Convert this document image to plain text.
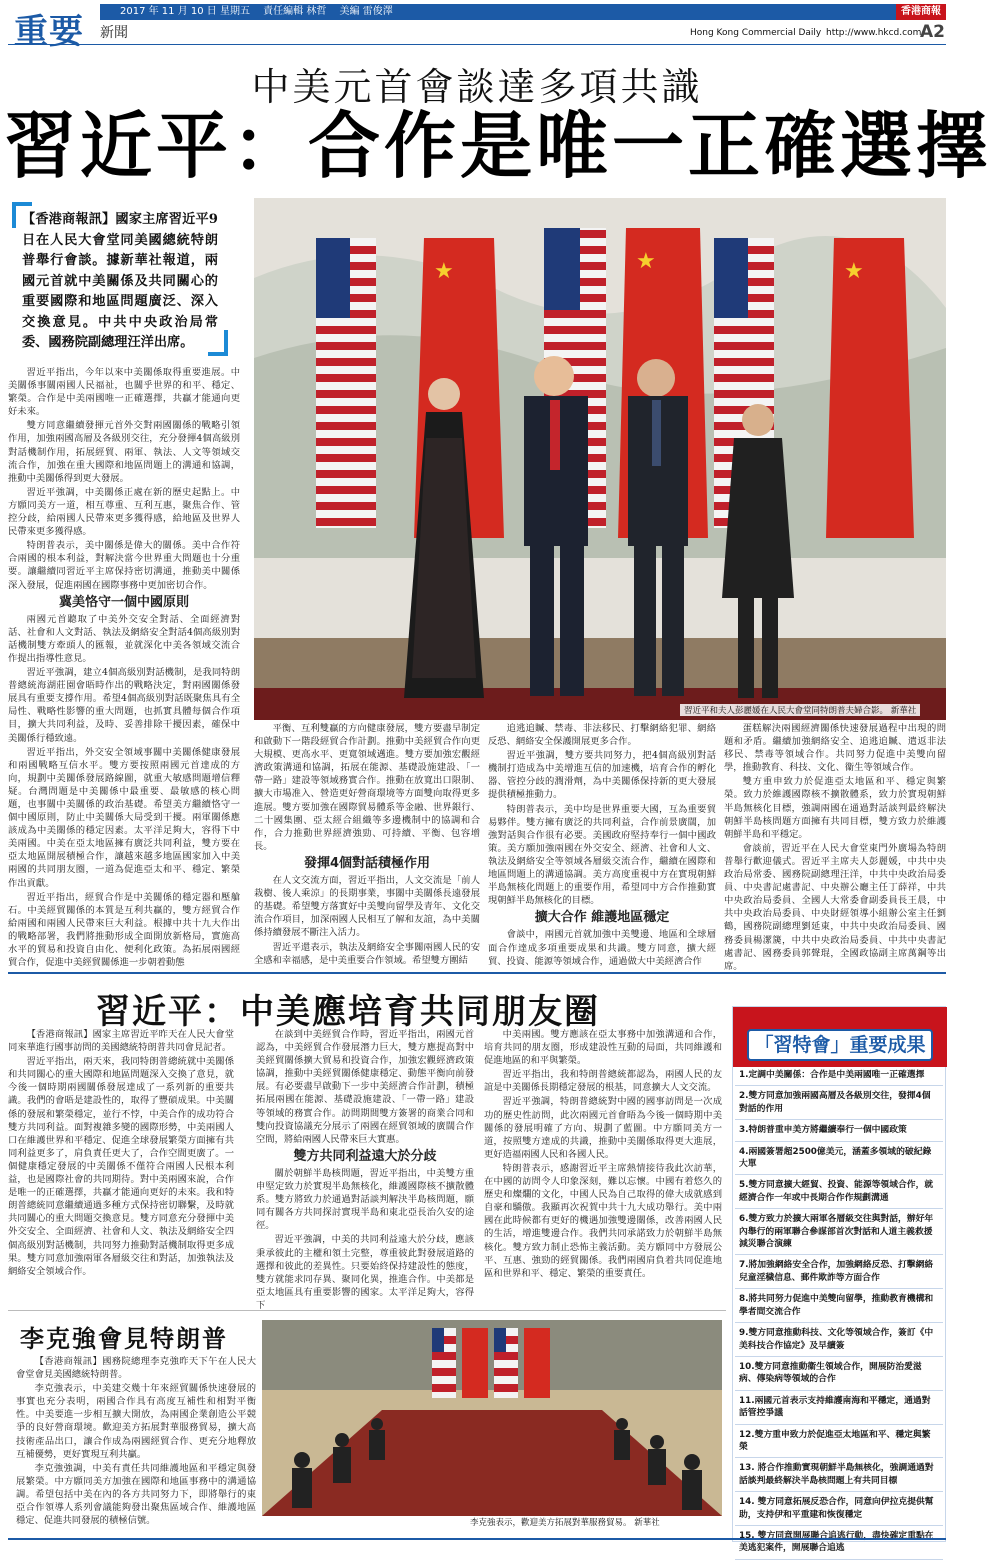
重要 新聞
2017 年 11 月 10 日 星期五 責任編輯 林哲 美編 雷俊澤	香港商報
Hong Kong Commercial Daily http://www.hkcd.com
A2
中美元首會談達多項共識
習近平：合作是唯一正確選擇
【香港商報訊】國家主席習近平9日在人民大會堂同美國總統特朗普舉行會談。據新華社報道，兩國元首就中美關係及共同關心的重要國際和地區問題廣泛、深入交換意見。中共中央政治局常委、國務院副總理汪洋出席。

習近平指出，今年以來中美關係取得重要進展。中美關係事關兩國人民福祉，也關乎世界的和平、穩定、繁榮。合作是中美兩國唯一正確選擇，共贏才能通向更好未來。

雙方同意繼續發揮元首外交對兩國關係的戰略引領作用，加強兩國高層及各級別交往，充分發揮4個高級別對話機制作用，拓展經貿、兩軍、執法、人文等領域交流合作，加強在重大國際和地區問題上的溝通和協調，推動中美關係得到更大發展。

習近平強調，中美關係正處在新的歷史起點上。中方願同美方一道，相互尊重、互利互惠，聚焦合作、管控分歧，給兩國人民帶來更多獲得感，給地區及世界人民帶來更多獲得感。

特朗普表示，美中關係是偉大的關係。美中合作符合兩國的根本利益，對解決當今世界重大問題也十分重要。讓繼續同習近平主席保持密切溝通，推動美中關係深入發展，促進兩國在國際事務中更加密切合作。

冀美恪守一個中國原則

兩國元首聽取了中美外交安全對話、全面經濟對話、社會和人文對話、執法及網絡安全對話4個高級別對話機制雙方牽頭人的匯報，並就深化中美各領域交流合作提出指導性意見。

習近平強調，建立4個高級別對話機制，是我同特朗普總統海湖莊園會晤時作出的戰略決定，對兩國關係發展具有重要支撐作用。希望4個高級別對話既聚焦具有全局性、戰略性影響的重大問題，也抓實具體每個合作項目，擴大共同利益，及時、妥善排除干擾因素，確保中美關係行穩致遠。

習近平指出，外交安全領域事關中美關係健康發展和兩國戰略互信水平。雙方要按照兩國元首達成的方向，規劃中美關係發展路線圖，就重大敏感問題增信釋疑。台灣問題是中美關係中最重要、最敏感的核心問題，也事關中美關係的政治基礎。希望美方繼續恪守一個中國原則，防止中美關係大局受到干擾。兩軍關係應該成為中美關係的穩定因素。太平洋足夠大，容得下中美兩國。中美在亞太地區擁有廣泛共同利益，雙方要在亞太地區開展積極合作，讓越來越多地區國家加入中美兩國的共同朋友圈，一道為促進亞太和平、穩定、繁榮作出貢獻。

習近平指出，經貿合作是中美關係的穩定器和壓艙石。中美經貿關係的本質是互利共贏的，雙方經貿合作給兩國和兩國人民帶來巨大利益。根據中共十九大作出的戰略部署，我們將推動形成全面開放新格局，實施高水平的貿易和投資自由化、便利化政策。為拓展兩國經貿合作，促進中美經貿關係進一步朝着動態

★	★	★
習近平和夫人彭麗媛在人民大會堂同特朗普夫婦合影。 新華社

平衡、互利雙贏的方向健康發展，雙方要盡早制定和啟動下一階段經貿合作計劃。推動中美經貿合作向更大規模、更高水平、更寬領域邁進。雙方要加強宏觀經濟政策溝通和協調，拓展在能源、基礎設施建設、「一帶一路」建設等領域務實合作。推動在放寬出口限制、擴大市場准入、營造更好營商環境等方面雙向取得更多進展。雙方要加強在國際貿易體系等金融、世界銀行、二十國集團、亞太經合組織等多邊機制中的協調和合作，合力推動世界經濟強勁、可持續、平衡、包容增長。

發揮4個對話積極作用

在人文交流方面，習近平指出，人文交流是「前人栽樹、後人乘涼」的長期事業，事關中美關係長遠發展的基礎。希望雙方落實好中美雙向留學及青年、文化交流合作項目，加深兩國人民相互了解和友誼，為中美關係持續發展不斷注入活力。

習近平還表示，執法及網絡安全事關兩國人民的安全感和幸福感，是中美重要合作領域。希望雙方團結

追逃追贓、禁毒、非法移民、打擊網絡犯罪、網絡反恐、網絡安全保護開展更多合作。

習近平強調，雙方要共同努力，把4個高級別對話機制打造成為中美增進互信的加速機，培育合作的孵化器、管控分歧的潤滑劑，為中美關係保持新的更大發展提供積極推動力。

特朗普表示，美中均是世界重要大國，互為重要貿易夥伴。雙方擁有廣泛的共同利益，合作前景廣闊，加強對話與合作很有必要。美國政府堅持奉行一個中國政策。美方願加強兩國在外交安全、經濟、社會和人文、執法及網絡安全等領域各層級交流合作，繼續在國際和地區問題上的溝通協調。美方高度重視中方在實現朝鮮半島無核化問題上的重要作用，希望同中方合作推動實現朝鮮半島無核化的目標。

擴大合作 維護地區穩定

會談中，兩國元首就加強中美雙邊、地區和全球層面合作達成多項重要成果和共識。雙方同意，擴大經貿、投資、能源等領域合作，通過做大中美經濟合作

蛋糕解決兩國經濟關係快速發展過程中出現的問題和矛盾。繼續加強網絡安全、追逃追贓、遣返非法移民、禁毒等領域合作。共同努力促進中美雙向留學，推動教育、科技、文化、衞生等領域合作。

雙方重申致力於促進亞太地區和平、穩定與繁榮。致力於維護國際核不擴散體系，致力於實現朝鮮半島無核化目標，強調兩國在通過對話談判最終解決朝鮮半島核問題方面擁有共同目標，雙方致力於維護朝鮮半島和平穩定。

會談前，習近平在人民大會堂東門外廣場為特朗普舉行歡迎儀式。習近平主席夫人彭麗媛，中共中央政治局常委、國務院副總理汪洋，中共中央政治局委員、中央書記處書記、中央辦公廳主任丁薛祥，中共中央政治局委員、全國人大常委會副委員長王晨，中共中央政治局委員、中央財經領導小組辦公室主任劉鶴，國務院副總理劉延東，中共中央政治局委員、國務委員楊潔篪，中共中央政治局委員、中共中央書記處書記、國務委員郭聲琨，全國政協副主席萬鋼等出席。

習近平：中美應培育共同朋友圈

【香港商報訊】國家主席習近平昨天在人民大會堂同來華進行國事訪問的美國總統特朗普共同會見記者。

習近平指出，兩天來，我同特朗普總統就中美關係和共同關心的重大國際和地區問題深入交換了意見，就今後一個時期兩國關係發展達成了一系列新的重要共識。我們的會晤是建設性的，取得了豐碩成果。中美關係的發展和繁榮穩定，並行不悖，中美合作的成功符合雙方共同利益。面對複雜多變的國際形勢，中美兩國人口在維護世界和平穩定、促進全球發展繁榮方面擁有共同利益更多了，肩負責任更大了，合作空間更廣了。一個健康穩定發展的中美關係不僅符合兩國人民根本利益，也是國際社會的共同期待。對中美兩國來說，合作是唯一的正確選擇，共贏才能通向更好的未來。我和特朗普總統同意繼續通過多種方式保持密切聯繫，及時就共同關心的重大問題交換意見。雙方同意充分發揮中美外交安全、全面經濟、社會和人文、執法及網絡安全四個高級別對話機制，共同努力推動對話機制取得更多成果。雙方同意加強兩軍各層級交往和對話，加強執法及網絡安全領域合作。

在談到中美經貿合作時，習近平指出，兩國元首認為，中美經貿合作發展潛力巨大，雙方應提高對中美經貿關係擴大貿易和投資合作，加強宏觀經濟政策協調，推動中美經貿關係健康穩定、動態平衡向前發展。有必要盡早啟動下一步中美經濟合作計劃，積極拓展兩國在能源、基礎設施建設、「一帶一路」建設等領域的務實合作。訪問期間雙方簽署的商業合同和雙向投資協議充分展示了兩國在經貿領域的廣闊合作空間，將給兩國人民帶來巨大實惠。

雙方共同利益遠大於分歧

關於朝鮮半島核問題，習近平指出，中美雙方重申堅定致力於實現半島無核化，維護國際核不擴散體系。雙方將致力於通過對話談判解決半島核問題，願同有關各方共同探討實現半島和東北亞長治久安的途徑。

習近平強調，中美的共同利益遠大於分歧，應該秉承彼此的主權和領土完整，尊重彼此對發展道路的選擇和彼此的差異性。只要始終保持建設性的態度，雙方就能求同存異、聚同化異，推進合作。中美都是亞太地區具有重要影響的國家。太平洋足夠大，容得下

中美兩國。雙方應該在亞太事務中加強溝通和合作，培育共同的朋友圈，形成建設性互動的局面，共同維護和促進地區的和平與繁榮。

習近平指出，我和特朗普總統都認為，兩國人民的友誼是中美關係長期穩定發展的根基，同意擴大人文交流。

習近平強調，特朗普總統對中國的國事訪問是一次成功的歷史性訪問，此次兩國元首會晤為今後一個時期中美關係的發展明確了方向、規劃了藍圖。中方願同美方一道，按照雙方達成的共識，推動中美關係取得更大進展，更好造福兩國人民和各國人民。

特朗普表示，感謝習近平主席熱情接待我此次訪華，在中國的訪問令人印象深刻，難以忘懷。中國有着悠久的歷史和燦爛的文化，中國人民為自己取得的偉大成就感到自豪和驕傲。我顯再次祝賀中共十九大成功舉行。美中兩國在此時候都有更好的機遇加強雙邊關係，改善兩國人民的生活，增進雙邊合作。我們共同承諾致力於朝鮮半島無核化。雙方致力制止恐怖主義活動。美方願同中方發展公平、互惠、強勁的經貿關係。我們兩國肩負着共同促進地區和世界和平、穩定、繁榮的重要責任。

「習特會」重要成果
1.定調中美關係：合作是中美兩國唯一正確選擇
2.雙方同意加強兩國高層及各級別交往，發揮4個對話的作用
3.特朗普重申美方將繼續奉行一個中國政策
4.兩國簽署超2500億美元，涵蓋多領域的破紀錄大單
5.雙方同意擴大經貿、投資、能源等領域合作，就經濟合作一年或中長期合作作規劃溝通
6.雙方致力於擴大兩軍各層級交往與對話，辦好年內舉行的兩軍聯合參謀部首次對話和人道主義救援減災聯合演練
7.將加強網絡安全合作，加強網絡反恐、打擊網絡兒童淫穢信息、郵件欺詐等方面合作
8.將共同努力促進中美雙向留學，推動教育機構和學者間交流合作
9.雙方同意推動科技、文化等領域合作，簽訂《中美科技合作協定》及早續簽
10.雙方同意推動衞生領域合作，開展防治愛滋病、傳染病等領域的合作
11.兩國元首表示支持維護南海和平穩定，通過對話管控爭議
12.雙方重申致力於促進亞太地區和平、穩定與繁榮
13. 將合作推動實現朝鮮半島無核化，強調通過對話談判最終解決半島核問題上有共同目標
14. 雙方同意拓展反恐合作，同意向伊拉克提供幫助，支持伊和平重建和恢復穩定
15. 雙方同意開展聯合追逃行動，盡快確定重點在美逃犯案件，開展聯合追逃
李克強會見特朗普

【香港商報訊】國務院總理李克強昨天下午在人民大會堂會見美國總統特朗普。

李克強表示，中美建交幾十年來經貿關係快速發展的事實也充分表明，兩國合作具有高度互補性和相對平衡性。中美要進一步相互擴大開放，為兩國企業創造公平競爭的良好營商環境。歡迎美方拓展對華服務貿易，擴大高技術產品出口，讓合作成為兩國經貿合作、更充分地釋放互補優勢，更好實現互利共贏。

李克強強調，中美有責任共同維護地區和平穩定與發展繁榮。中方願同美方加強在國際和地區事務中的溝通協調。希望包括中美在內的各方共同努力下，即將舉行的東亞合作領導人系列會議能夠發出聚焦區域合作、維護地區穩定、促進共同發展的積極信號。	李克強表示，歡迎美方拓展對華服務貿易。 新華社
